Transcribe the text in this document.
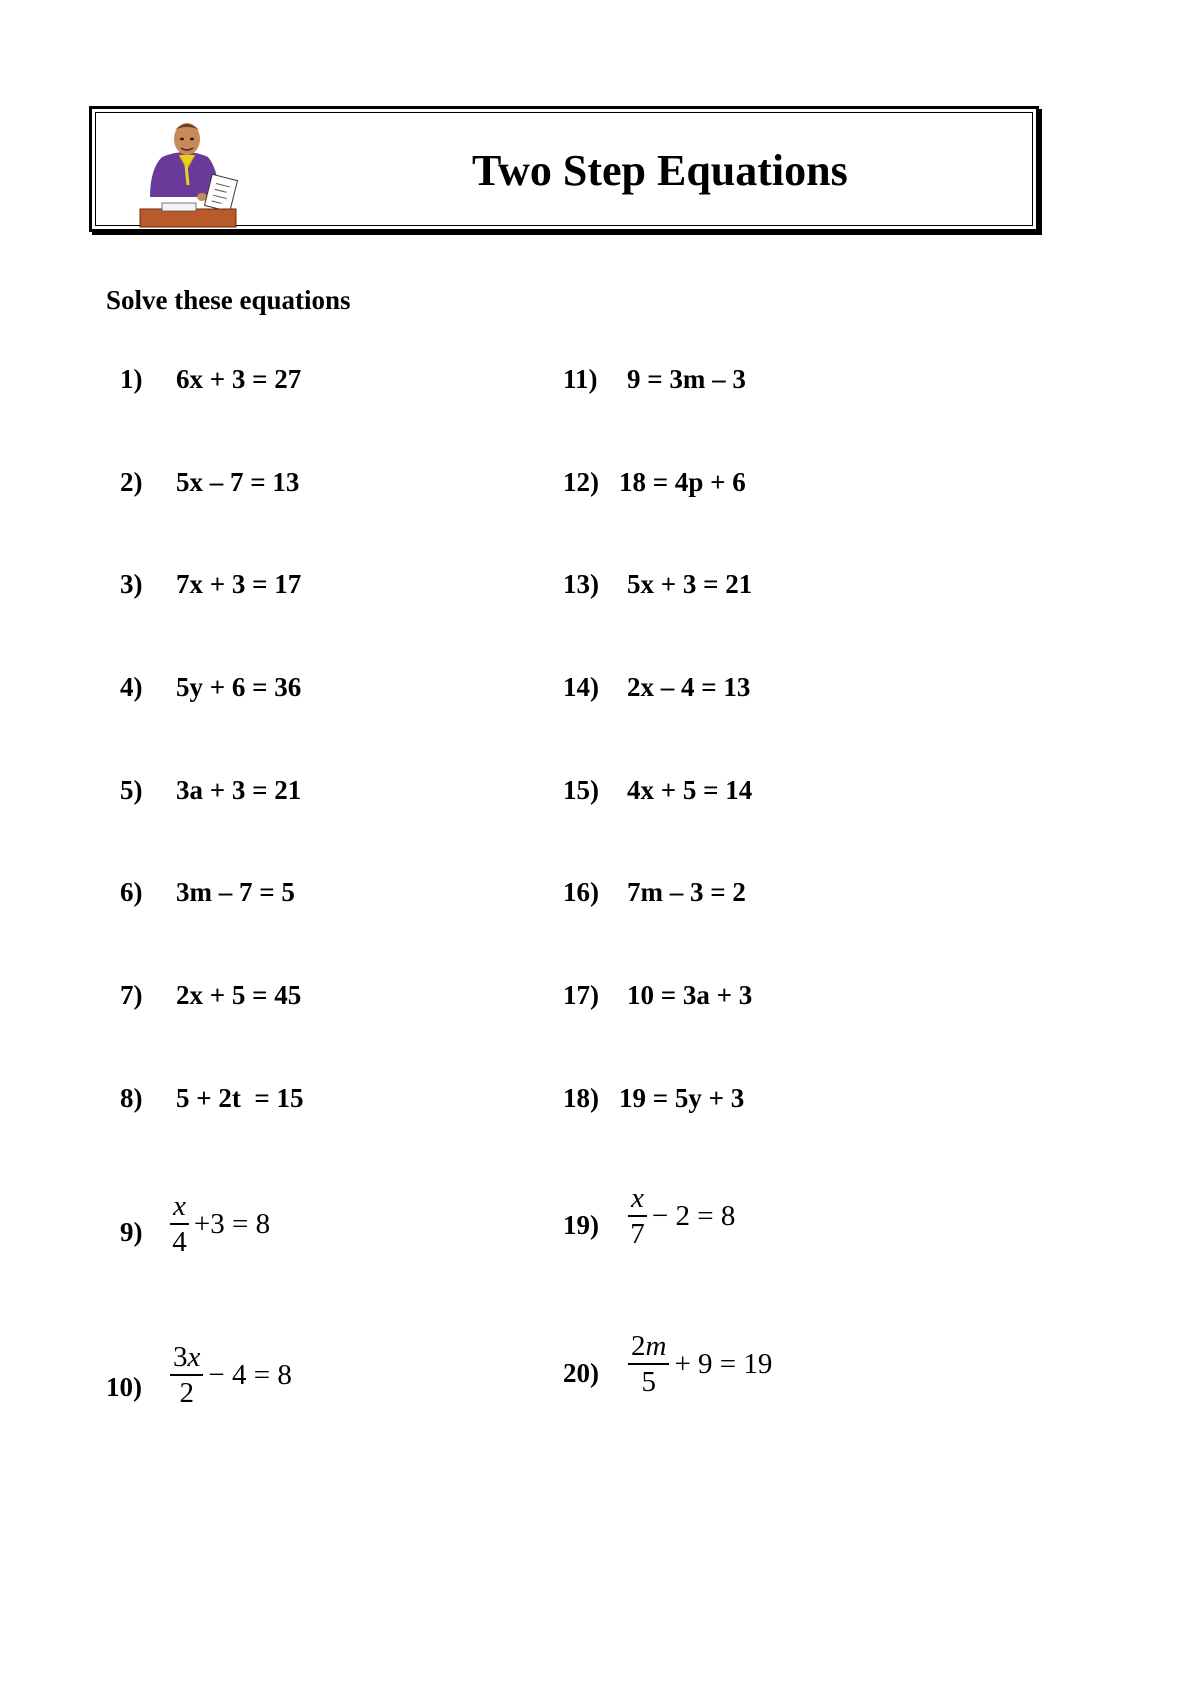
Two Step Equations
Solve these equations
1) 6x + 3 = 27
2) 5x – 7 = 13
3) 7x + 3 = 17
4) 5y + 6 = 36
5) 3a + 3 = 21
6) 3m – 7 = 5
7) 2x + 5 = 45
8) 5 + 2t  = 15
11) 9 = 3m – 3
12) 18 = 4p + 6
13) 5x + 3 = 21
14) 2x – 4 = 13
15) 4x + 5 = 14
16) 7m – 3 = 2
17) 10 = 3a + 3
18) 19 = 5y + 3
$9) \frac{x}{4} +3 = 8$	$19) \frac{x}{7} - 2 = 8$
$10) \frac{3x}{2} - 4 = 8$	$20) \frac{2m}{5} + 9 = 19$
